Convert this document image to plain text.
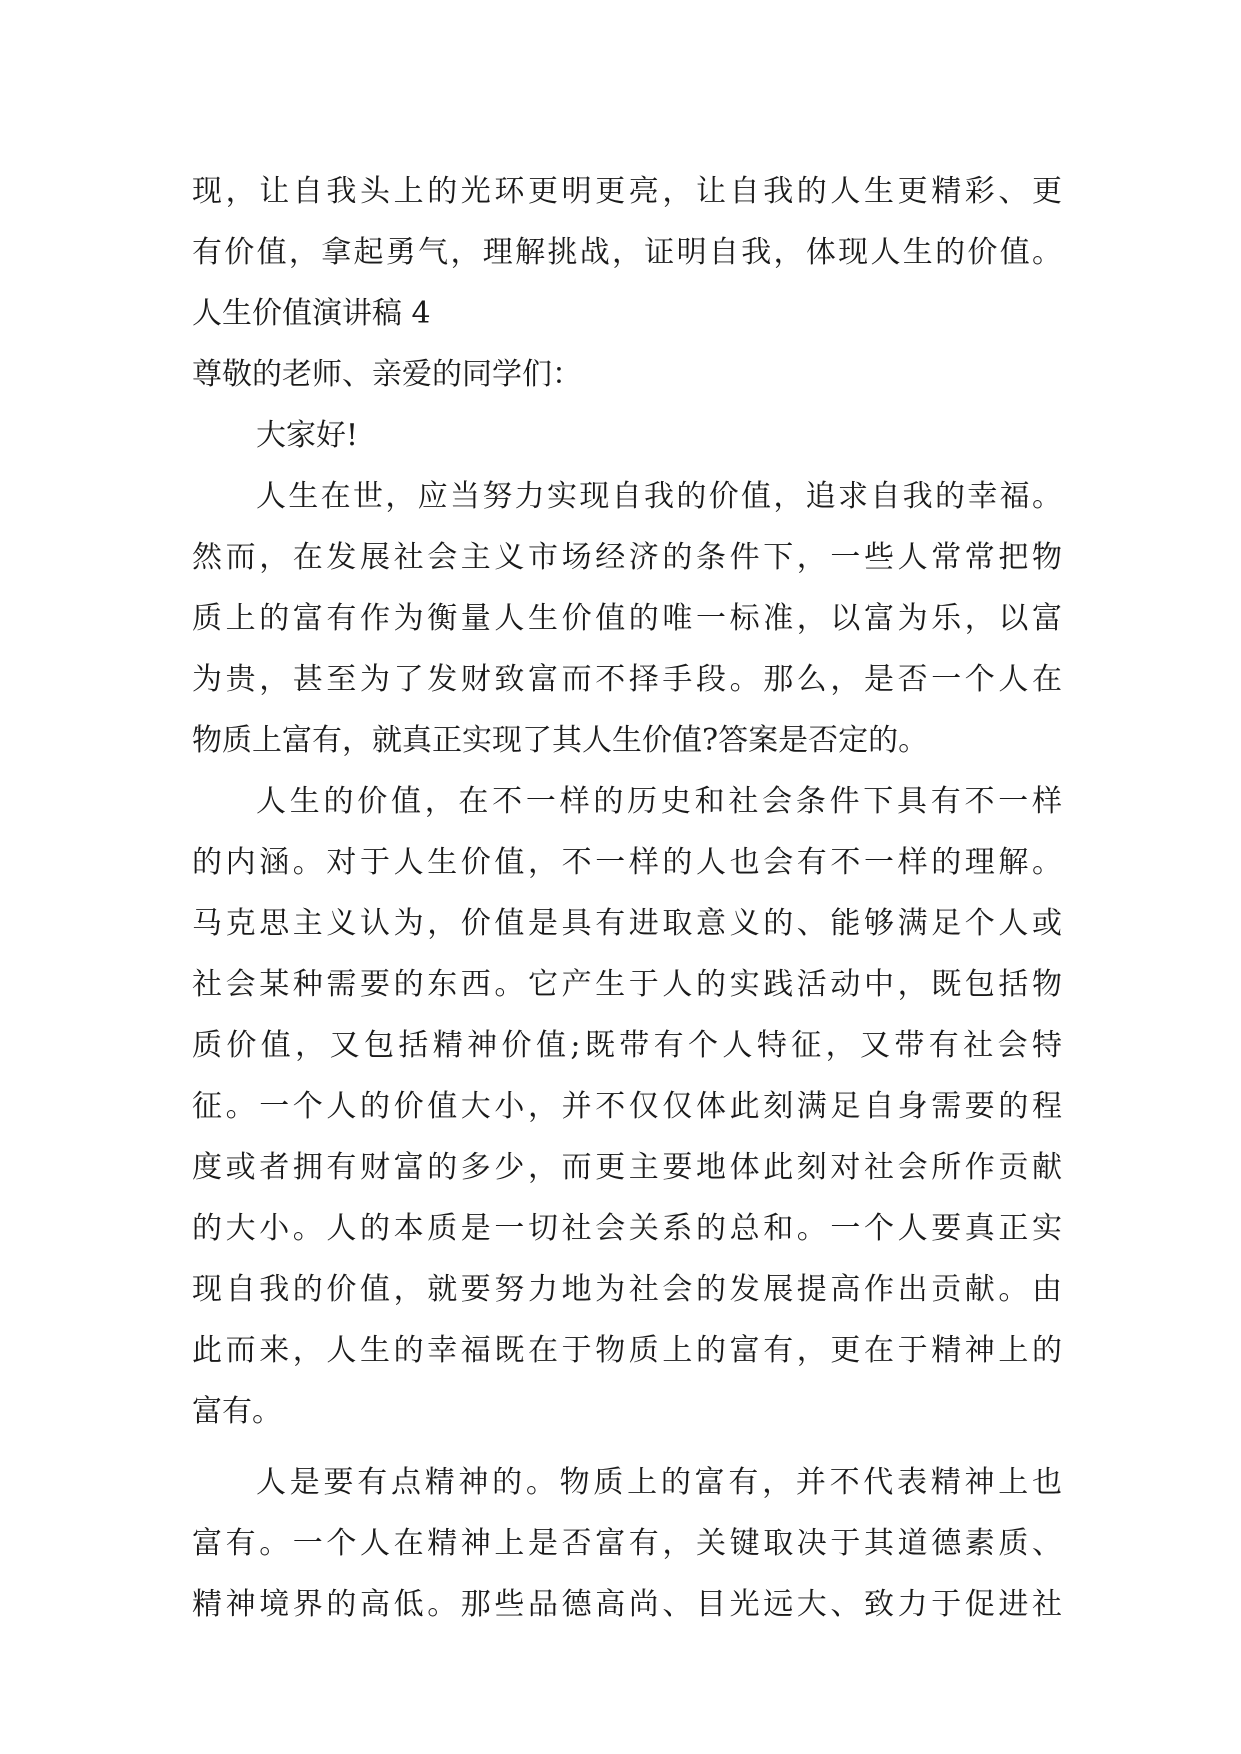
现，让自我头上的光环更明更亮，让自我的人生更精彩、更
有价值，拿起勇气，理解挑战，证明自我，体现人生的价值。
人生价值演讲稿 4
尊敬的老师、亲爱的同学们：
大家好!
人生在世，应当努力实现自我的价值，追求自我的幸福。
然而，在发展社会主义市场经济的条件下，一些人常常把物
质上的富有作为衡量人生价值的唯一标准，以富为乐，以富
为贵，甚至为了发财致富而不择手段。那么，是否一个人在
物质上富有，就真正实现了其人生价值?答案是否定的。
人生的价值，在不一样的历史和社会条件下具有不一样
的内涵。对于人生价值，不一样的人也会有不一样的理解。
马克思主义认为，价值是具有进取意义的、能够满足个人或
社会某种需要的东西。它产生于人的实践活动中，既包括物
质价值，又包括精神价值;既带有个人特征，又带有社会特
征。一个人的价值大小，并不仅仅体此刻满足自身需要的程
度或者拥有财富的多少，而更主要地体此刻对社会所作贡献
的大小。人的本质是一切社会关系的总和。一个人要真正实
现自我的价值，就要努力地为社会的发展提高作出贡献。由
此而来，人生的幸福既在于物质上的富有，更在于精神上的
富有。
人是要有点精神的。物质上的富有，并不代表精神上也
富有。一个人在精神上是否富有，关键取决于其道德素质、
精神境界的高低。那些品德高尚、目光远大、致力于促进社
